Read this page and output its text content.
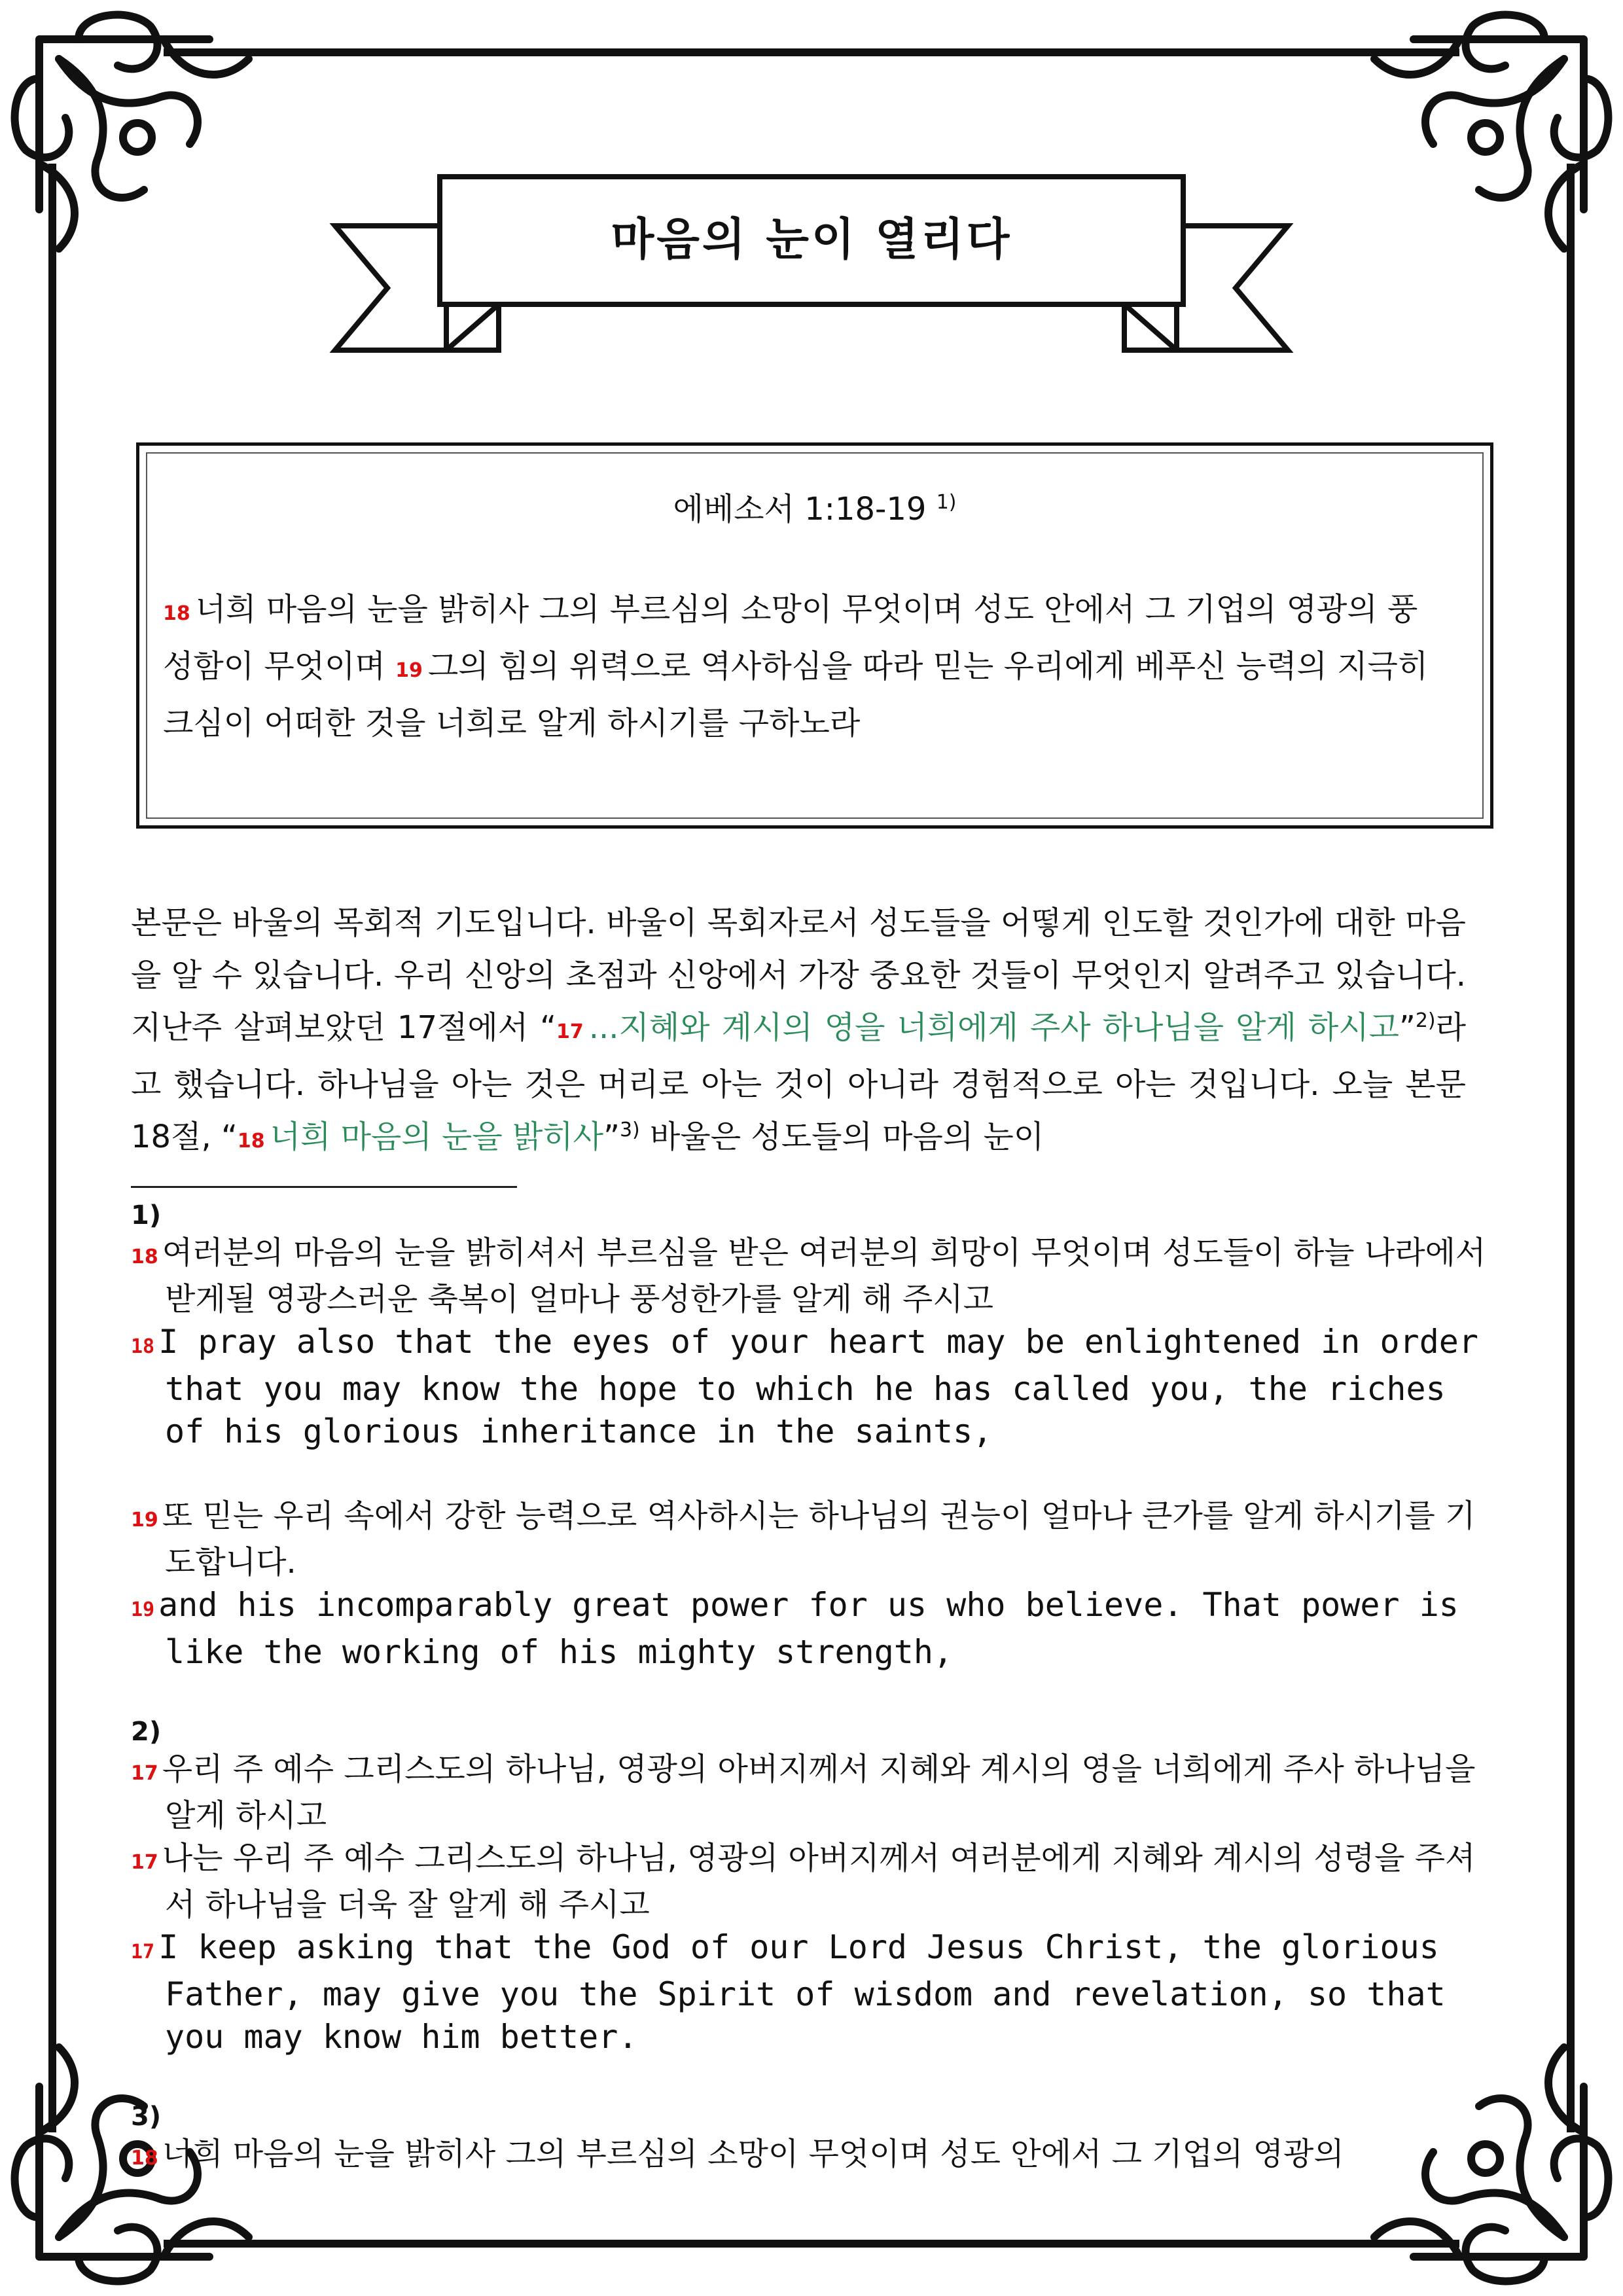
마음의 눈이 열리다
에베소서 1:18-19 $^{1)}$
18 너희 마음의 눈을 밝히사 그의 부르심의 소망이 무엇이며 성도 안에서 그 기업의 영광의 풍성함이 무엇이며 19 그의 힘의 위력으로 역사하심을 따라 믿는 우리에게 베푸신 능력의 지극히 크심이 어떠한 것을 너희로 알게 하시기를 구하노라
본문은 바울의 목회적 기도입니다. 바울이 목회자로서 성도들을 어떻게 인도할 것인가에 대한 마음을 알 수 있습니다. 우리 신앙의 초점과 신앙에서 가장 중요한 것들이 무엇인지 알려주고 있습니다. 지난주 살펴보았던 17절에서 “17 ...지혜와 계시의 영을 너희에게 주사 하나님을 알게 하시고”$^{2)}$라고 했습니다. 하나님을 아는 것은 머리로 아는 것이 아니라 경험적으로 아는 것입니다. 오늘 본문 18절, “18 너희 마음의 눈을 밝히사”$^{3)}$ 바울은 성도들의 마음의 눈이
1)
18 여러분의 마음의 눈을 밝히셔서 부르심을 받은 여러분의 희망이 무엇이며 성도들이 하늘 나라에서 받게될 영광스러운 축복이 얼마나 풍성한가를 알게 해 주시고
18 I pray also that the eyes of your heart may be enlightened in order that you may know the hope to which he has called you, the riches of his glorious inheritance in the saints,
19 또 믿는 우리 속에서 강한 능력으로 역사하시는 하나님의 권능이 얼마나 큰가를 알게 하시기를 기도합니다.
19 and his incomparably great power for us who believe. That power is like the working of his mighty strength,
2)
17 우리 주 예수 그리스도의 하나님, 영광의 아버지께서 지혜와 계시의 영을 너희에게 주사 하나님을 알게 하시고
17 나는 우리 주 예수 그리스도의 하나님, 영광의 아버지께서 여러분에게 지혜와 계시의 성령을 주셔서 하나님을 더욱 잘 알게 해 주시고
17 I keep asking that the God of our Lord Jesus Christ, the glorious Father, may give you the Spirit of wisdom and revelation, so that you may know him better.
3)
18 너희 마음의 눈을 밝히사 그의 부르심의 소망이 무엇이며 성도 안에서 그 기업의 영광의
